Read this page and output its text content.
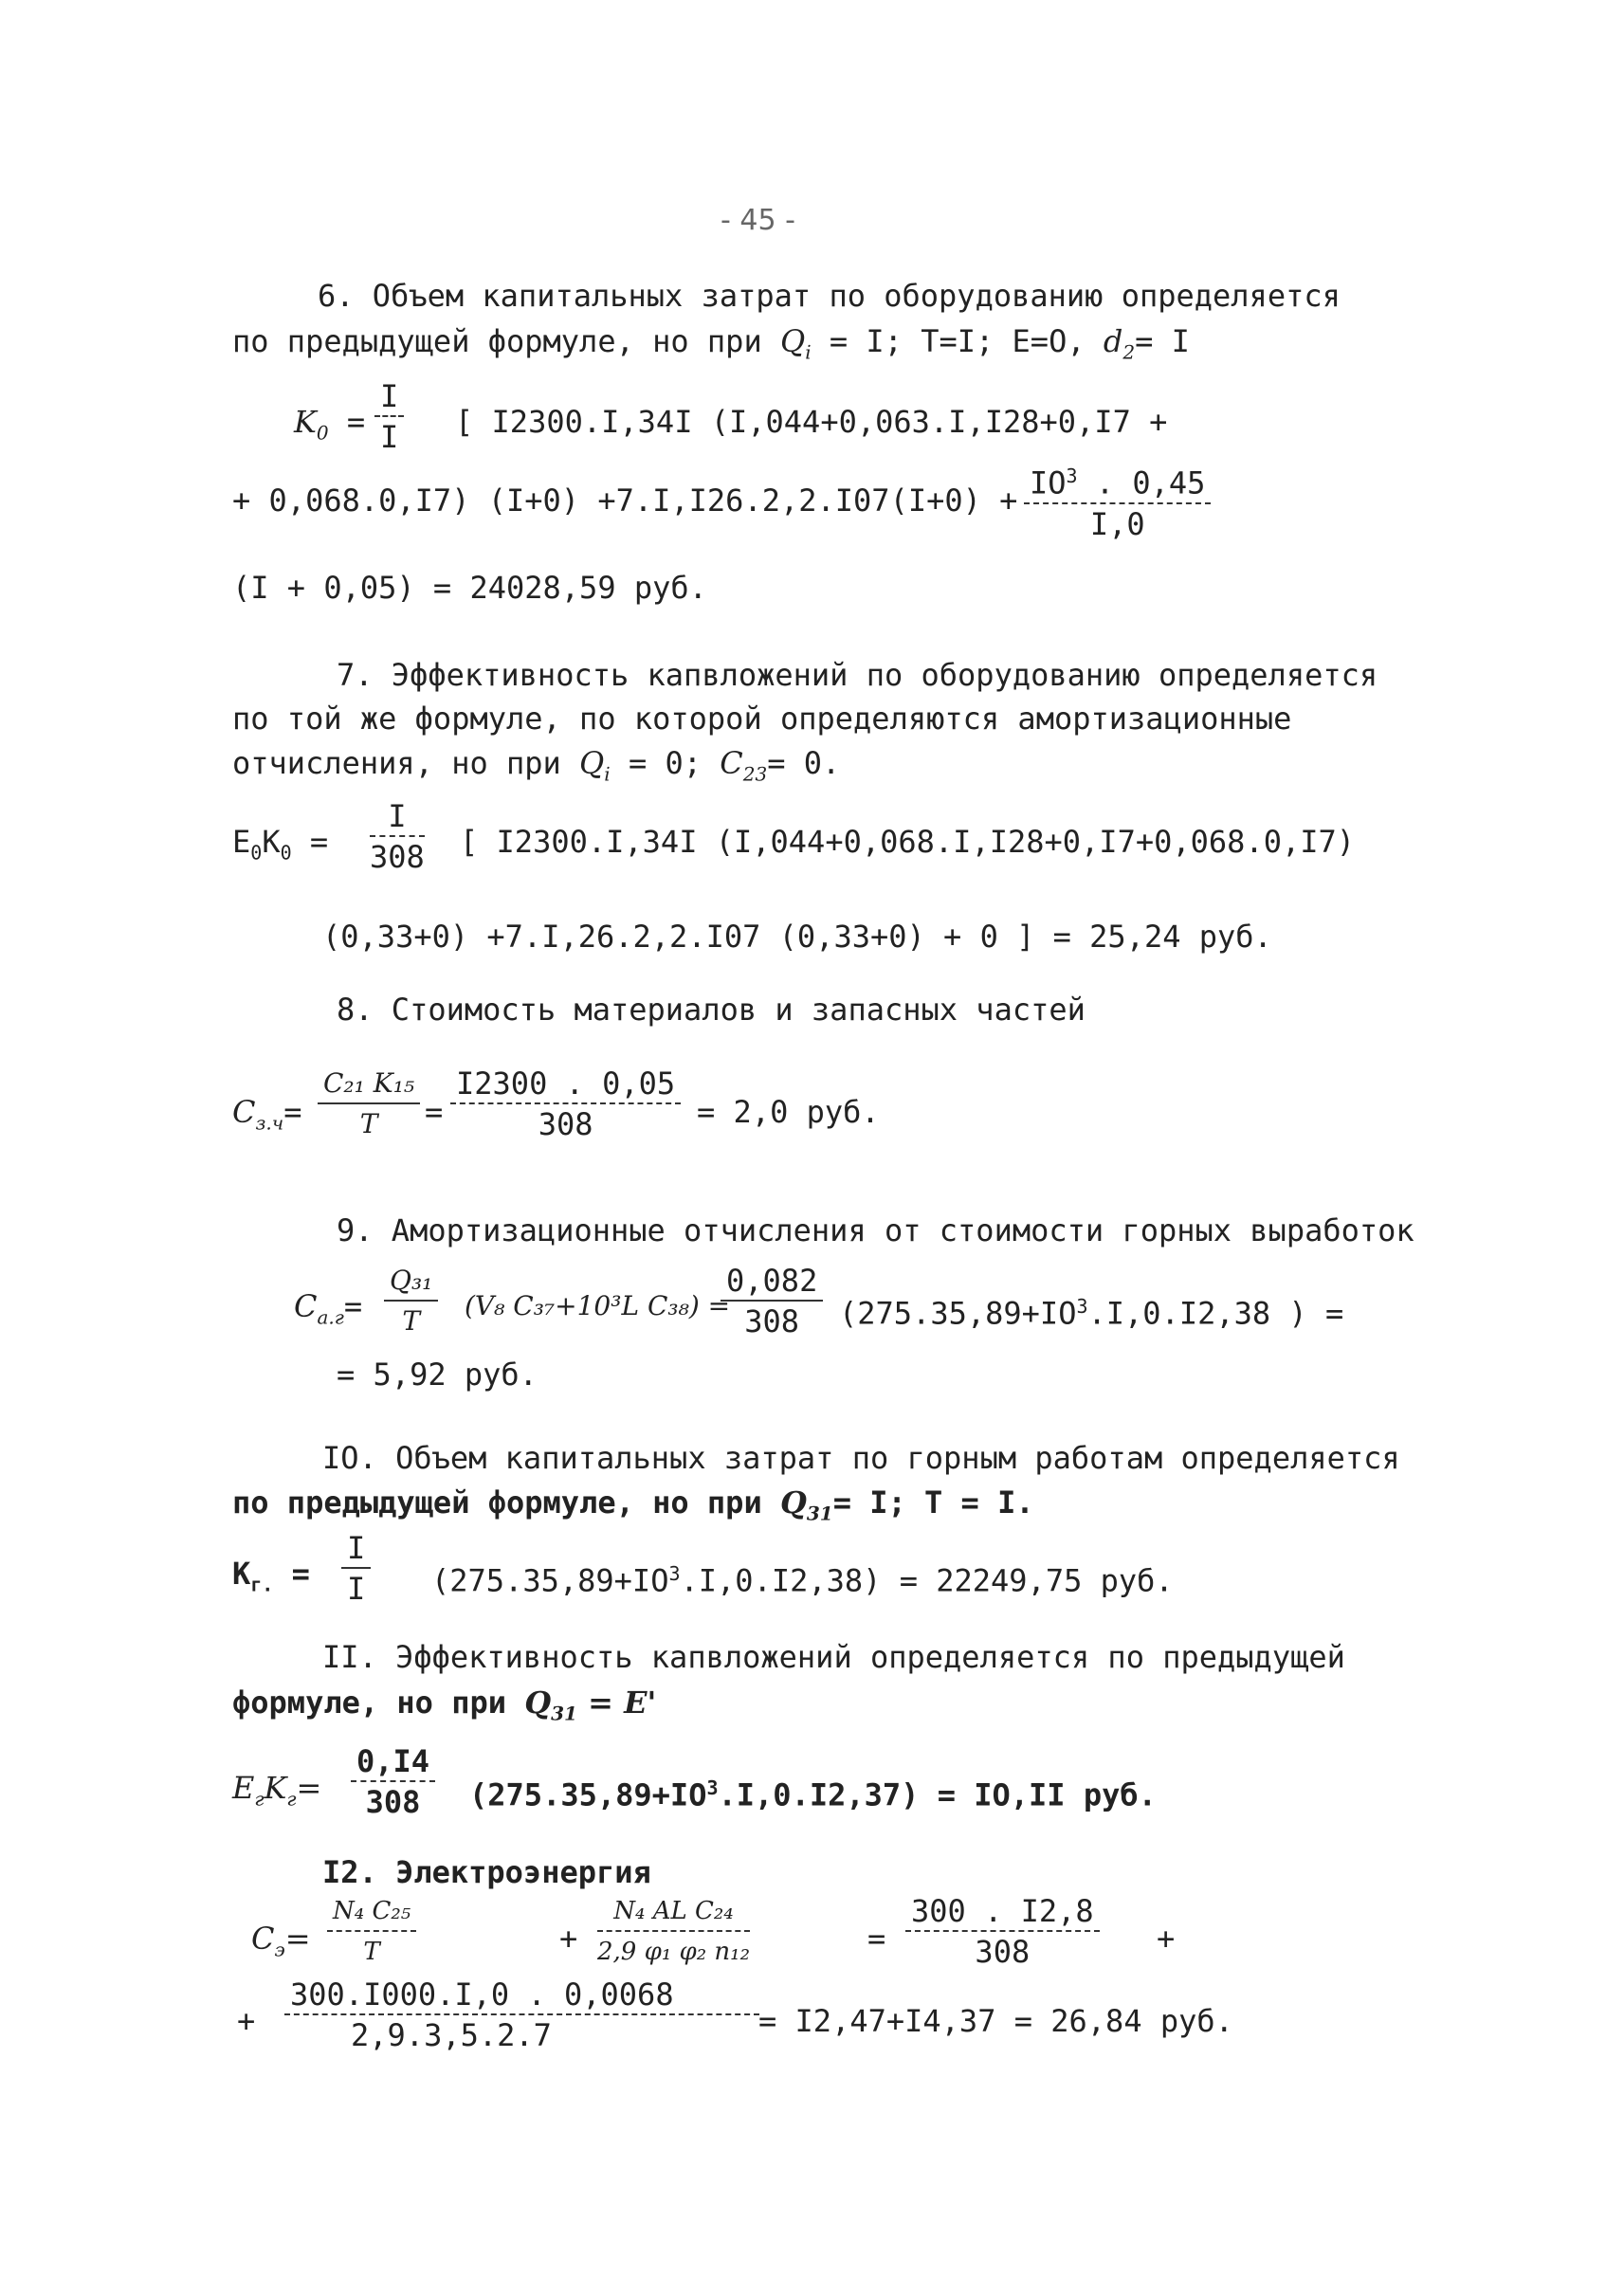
- 45 -
6. Объем капитальных затрат по оборудованию определяется
по предыдущей формуле, но при $Q_i = I$; T=I; E=O, $d_2= I$
$K_0 = \frac{I}{I}$ [ I2300.I,34I (I,044+0,063.I,I28+0,I7 +
+ 0,068.0,I7) $(I+0) +7.I,I26.2,2.I07(I+0) + \frac{IO^3 . 0,45}{I,0}$
(I + 0,05) = 24028,59 руб.
7. Эффективность капвложений по оборудованию определяется
по той же формуле, по которой определяются амортизационные
отчисления, но при $Q_i = 0$; $C_{23}= 0$.
$E_0K_0 = \frac{I}{308}$ [ I2300.I,34I (I,044+0,068.I,I28+0,I7+0,068.0,I7)
(0,33+0) +7.I,26.2,2.I07 (0,33+0) + 0 ] = 25,24 руб.
8. Стоимость материалов и запасных частей
$C_{з.ч}= \frac{\text{C₂₁ K₁₅}}{T} = \frac{I2300 . 0,05}{308} = 2,0$ руб.
9. Амортизационные отчисления от стоимости горных выработок
$C_{a.г}= \frac{\text{Q₃₁}}{T} (V_8$ C₃₇+10³L C₃₈) =
$\frac{0,082}{308} (275.35,89+IO^3.I,0.I2,38$ ) =
= 5,92 руб.
IO. Объем капитальных затрат по горным работам определяется
по предыдущей формуле, но при $Q_{31}= I$; T = I.
$K_{г.} = \frac{I}{I} (275.35,89+IO^3.I,0.I2,38) = 22249,75$ руб.
II. Эффективность капвложений определяется по предыдущей
формуле, но при $Q_{31} = E'$
$E_гK_г= \frac{0,I4}{308} (275.35,89+IO^3.I,0.I2,37) = IO,II$ руб.
I2. Электроэнергия
$C_э= \frac{\text{N₄ C₂₅}}{T}$	+ $\frac{\text{N₄ AL C₂₄}}{\text{2,9 φ₁ φ₂ n₁₂}}$	= $\frac{300 . I2,8}{308}$ +
+ $\frac{300.I000.I,0 . 0,0068}{2,9.3,5.2.7} = I2,47+I4,37 = 26,84$ руб.
